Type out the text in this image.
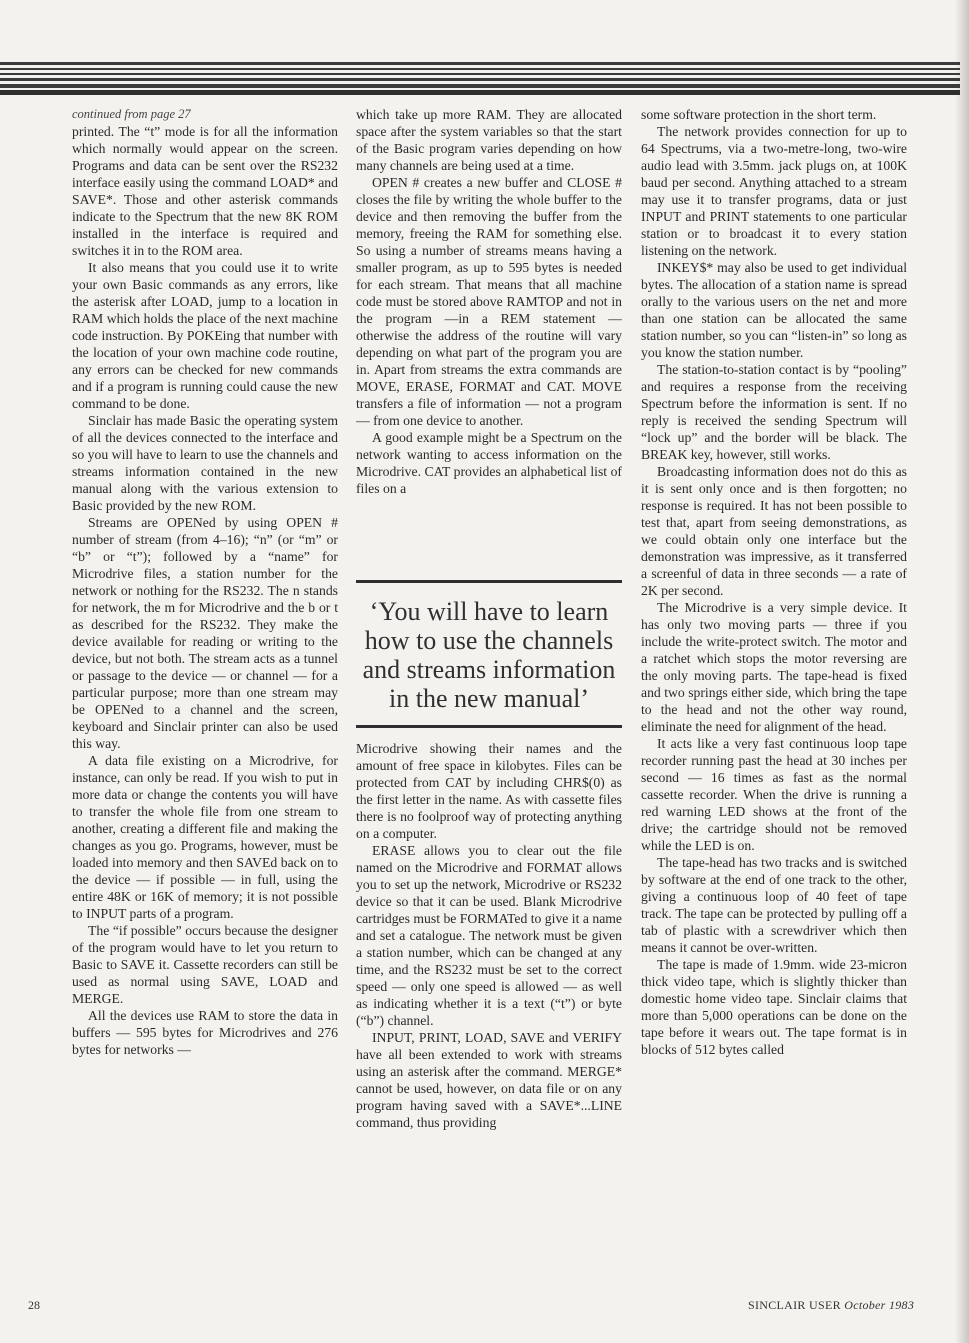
continued from page 27

printed. The “t” mode is for all the information which normally would appear on the screen. Programs and data can be sent over the RS232 interface easily using the command LOAD* and SAVE*. Those and other asterisk commands indicate to the Spectrum that the new 8K ROM installed in the interface is required and switches it in to the ROM area.

It also means that you could use it to write your own Basic commands as any errors, like the asterisk after LOAD, jump to a location in RAM which holds the place of the next machine code instruction. By POKEing that number with the location of your own machine code routine, any errors can be checked for new commands and if a program is running could cause the new command to be done.

Sinclair has made Basic the operating system of all the devices connected to the interface and so you will have to learn to use the channels and streams information contained in the new manual along with the various extension to Basic provided by the new ROM.

Streams are OPENed by using OPEN # number of stream (from 4–16); “n” (or “m” or “b” or “t”); followed by a “name” for Microdrive files, a station number for the network or nothing for the RS232. The n stands for network, the m for Microdrive and the b or t as described for the RS232. They make the device available for reading or writing to the device, but not both. The stream acts as a tunnel or passage to the device — or channel — for a particular purpose; more than one stream may be OPENed to a channel and the screen, keyboard and Sinclair printer can also be used this way.

A data file existing on a Microdrive, for instance, can only be read. If you wish to put in more data or change the contents you will have to transfer the whole file from one stream to another, creating a different file and making the changes as you go. Programs, however, must be loaded into memory and then SAVEd back on to the device — if possible — in full, using the entire 48K or 16K of memory; it is not possible to INPUT parts of a program.

The “if possible” occurs because the designer of the program would have to let you return to Basic to SAVE it. Cassette recorders can still be used as normal using SAVE, LOAD and MERGE.

All the devices use RAM to store the data in buffers — 595 bytes for Microdrives and 276 bytes for networks —

which take up more RAM. They are allocated space after the system variables so that the start of the Basic program varies depending on how many channels are being used at a time.

OPEN # creates a new buffer and CLOSE # closes the file by writing the whole buffer to the device and then removing the buffer from the memory, freeing the RAM for something else. So using a number of streams means having a smaller program, as up to 595 bytes is needed for each stream. That means that all machine code must be stored above RAMTOP and not in the program —in a REM statement — otherwise the address of the routine will vary depending on what part of the program you are in. Apart from streams the extra commands are MOVE, ERASE, FORMAT and CAT. MOVE transfers a file of information — not a program — from one device to another.

A good example might be a Spectrum on the network wanting to access information on the Microdrive. CAT provides an alphabetical list of files on a

‘You will have to learn how to use the channels and streams information in the new manual’

Microdrive showing their names and the amount of free space in kilobytes. Files can be protected from CAT by including CHR$(0) as the first letter in the name. As with cassette files there is no foolproof way of protecting anything on a computer.

ERASE allows you to clear out the file named on the Microdrive and FORMAT allows you to set up the network, Microdrive or RS232 device so that it can be used. Blank Microdrive cartridges must be FORMATed to give it a name and set a catalogue. The network must be given a station number, which can be changed at any time, and the RS232 must be set to the correct speed — only one speed is allowed — as well as indicating whether it is a text (“t”) or byte (“b”) channel.

INPUT, PRINT, LOAD, SAVE and VERIFY have all been extended to work with streams using an asterisk after the command. MERGE* cannot be used, however, on data file or on any program having saved with a SAVE*...LINE command, thus providing

some software protection in the short term.

The network provides connection for up to 64 Spectrums, via a two-metre-long, two-wire audio lead with 3.5mm. jack plugs on, at 100K baud per second. Anything attached to a stream may use it to transfer programs, data or just INPUT and PRINT statements to one particular station or to broadcast it to every station listening on the network.

INKEY$* may also be used to get individual bytes. The allocation of a station name is spread orally to the various users on the net and more than one station can be allocated the same station number, so you can “listen-in” so long as you know the station number.

The station-to-station contact is by “pooling” and requires a response from the receiving Spectrum before the information is sent. If no reply is received the sending Spectrum will “lock up” and the border will be black. The BREAK key, however, still works.

Broadcasting information does not do this as it is sent only once and is then forgotten; no response is required. It has not been possible to test that, apart from seeing demonstrations, as we could obtain only one interface but the demonstration was impressive, as it transferred a screenful of data in three seconds — a rate of 2K per second.

The Microdrive is a very simple device. It has only two moving parts — three if you include the write-protect switch. The motor and a ratchet which stops the motor reversing are the only moving parts. The tape-head is fixed and two springs either side, which bring the tape to the head and not the other way round, eliminate the need for alignment of the head.

It acts like a very fast continuous loop tape recorder running past the head at 30 inches per second — 16 times as fast as the normal cassette recorder. When the drive is running a red warning LED shows at the front of the drive; the cartridge should not be removed while the LED is on.

The tape-head has two tracks and is switched by software at the end of one track to the other, giving a continuous loop of 40 feet of tape track. The tape can be protected by pulling off a tab of plastic with a screwdriver which then means it cannot be over-written.

The tape is made of 1.9mm. wide 23-micron thick video tape, which is slightly thicker than domestic home video tape. Sinclair claims that more than 5,000 operations can be done on the tape before it wears out. The tape format is in blocks of 512 bytes called

28	SINCLAIR USER October 1983
